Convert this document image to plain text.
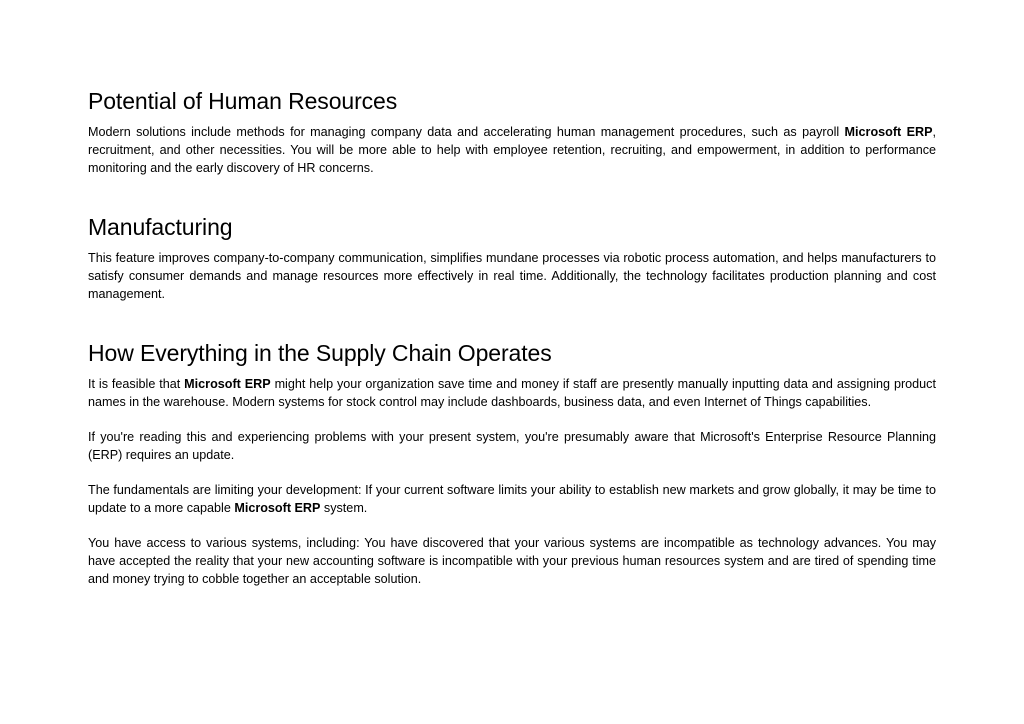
Potential of Human Resources

Modern solutions include methods for managing company data and accelerating human management procedures, such as payroll Microsoft ERP, recruitment, and other necessities. You will be more able to help with employee retention, recruiting, and empowerment, in addition to performance monitoring and the early discovery of HR concerns.

Manufacturing

This feature improves company-to-company communication, simplifies mundane processes via robotic process automation, and helps manufacturers to satisfy consumer demands and manage resources more effectively in real time. Additionally, the technology facilitates production planning and cost management.

How Everything in the Supply Chain Operates

It is feasible that Microsoft ERP might help your organization save time and money if staff are presently manually inputting data and assigning product names in the warehouse. Modern systems for stock control may include dashboards, business data, and even Internet of Things capabilities.

If you're reading this and experiencing problems with your present system, you're presumably aware that Microsoft's Enterprise Resource Planning (ERP) requires an update.

The fundamentals are limiting your development: If your current software limits your ability to establish new markets and grow globally, it may be time to update to a more capable Microsoft ERP system.

You have access to various systems, including: You have discovered that your various systems are incompatible as technology advances. You may have accepted the reality that your new accounting software is incompatible with your previous human resources system and are tired of spending time and money trying to cobble together an acceptable solution.
